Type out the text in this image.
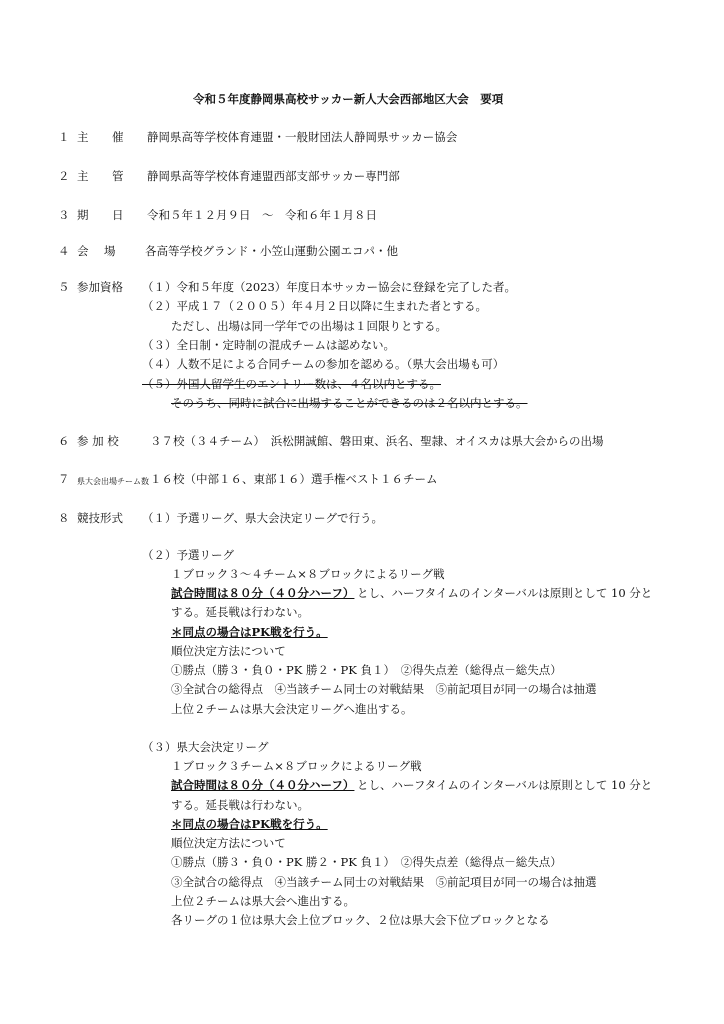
令和５年度静岡県高校サッカー新人大会西部地区大会　要項
１ 主　催 静岡県高等学校体育連盟・一般財団法人静岡県サッカー協会
２ 主　管 静岡県高等学校体育連盟西部支部サッカー専門部
３ 期　日 令和５年１２月９日　～　令和６年１月８日
４ 会　場 各高等学校グランド・小笠山運動公園エコパ・他
５ 参加資格 （１）令和５年度（2023）年度日本サッカー協会に登録を完了した者。
（２）平成１７（２００５）年４月２日以降に生まれた者とする。
ただし、出場は同一学年での出場は１回限りとする。
（３）全日制・定時制の混成チームは認めない。
（４）人数不足による合同チームの参加を認める。（県大会出場も可）
（５）外国人留学生のエントリー数は、４名以内とする。
そのうち、同時に試合に出場することができるのは２名以内とする。
６ 参 加 校	３７校（３４チーム）　浜松開誠館、磐田東、浜名、聖隷、オイスカは県大会からの出場
７ 県大会出場チーム数 １６校（中部１６、東部１６）選手権ベスト１６チーム
８ 競技形式 （１）予選リーグ、県大会決定リーグで行う。
（２）予選リーグ
１ブロック３～４チーム×８ブロックによるリーグ戦
試合時間は８０分（４０分ハーフ） とし、ハーフタイムのインターバルは原則として 10 分と
する。延長戦は行わない。
＊同点の場合はPK戦を行う。
順位決定方法について
①勝点（勝３・負０・PK 勝２・PK 負１）　②得失点差（総得点－総失点）
③全試合の総得点　④当該チーム同士の対戦結果　⑤前記項目が同一の場合は抽選
上位２チームは県大会決定リーグへ進出する。
（３）県大会決定リーグ
１ブロック３チーム×８ブロックによるリーグ戦
試合時間は８０分（４０分ハーフ） とし、ハーフタイムのインターバルは原則として 10 分と
する。延長戦は行わない。
＊同点の場合はPK戦を行う。
順位決定方法について
①勝点（勝３・負０・PK 勝２・PK 負１）　②得失点差（総得点－総失点）
③全試合の総得点　④当該チーム同士の対戦結果　⑤前記項目が同一の場合は抽選
上位２チームは県大会へ進出する。
各リーグの１位は県大会上位ブロック、２位は県大会下位ブロックとなる
